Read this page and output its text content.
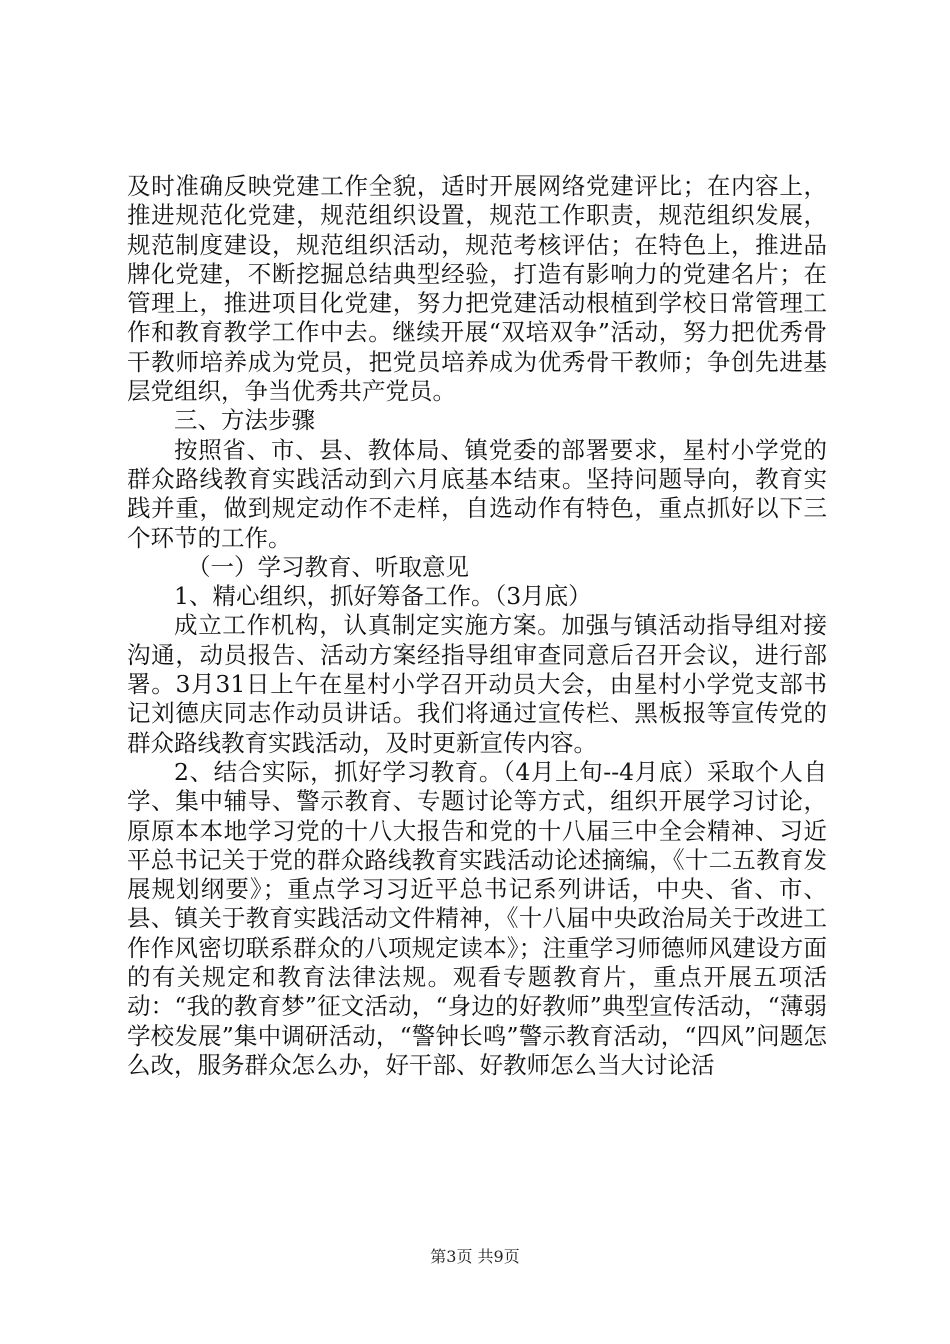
及时准确反映党建工作全貌，适时开展网络党建评比；在内容上，推进规范化党建，规范组织设置，规范工作职责，规范组织发展，规范制度建设，规范组织活动，规范考核评估；在特色上，推进品牌化党建，不断挖掘总结典型经验，打造有影响力的党建名片；在管理上，推进项目化党建，努力把党建活动根植到学校日常管理工作和教育教学工作中去。继续开展“双培双争”活动，努力把优秀骨干教师培养成为党员，把党员培养成为优秀骨干教师；争创先进基层党组织，争当优秀共产党员。

三、方法步骤

按照省、市、县、教体局、镇党委的部署要求，星村小学党的群众路线教育实践活动到六月底基本结束。坚持问题导向，教育实践并重，做到规定动作不走样，自选动作有特色，重点抓好以下三个环节的工作。

（一）学习教育、听取意见

1、精心组织，抓好筹备工作。（3月底）

成立工作机构，认真制定实施方案。加强与镇活动指导组对接沟通，动员报告、活动方案经指导组审查同意后召开会议，进行部署。3月31日上午在星村小学召开动员大会，由星村小学党支部书记刘德庆同志作动员讲话。我们将通过宣传栏、黑板报等宣传党的群众路线教育实践活动，及时更新宣传内容。

2、结合实际，抓好学习教育。（4月上旬--4月底）采取个人自学、集中辅导、警示教育、专题讨论等方式，组织开展学习讨论，原原本本地学习党的十八大报告和党的十八届三中全会精神、习近平总书记关于党的群众路线教育实践活动论述摘编，《十二五教育发展规划纲要》；重点学习习近平总书记系列讲话，中央、省、市、县、镇关于教育实践活动文件精神，《十八届中央政治局关于改进工作作风密切联系群众的八项规定读本》；注重学习师德师风建设方面的有关规定和教育法律法规。观看专题教育片，重点开展五项活动：“我的教育梦”征文活动，“身边的好教师”典型宣传活动，“薄弱学校发展”集中调研活动，“警钟长鸣”警示教育活动，“四风”问题怎么改，服务群众怎么办，好干部、好教师怎么当大讨论活

第3页 共9页
